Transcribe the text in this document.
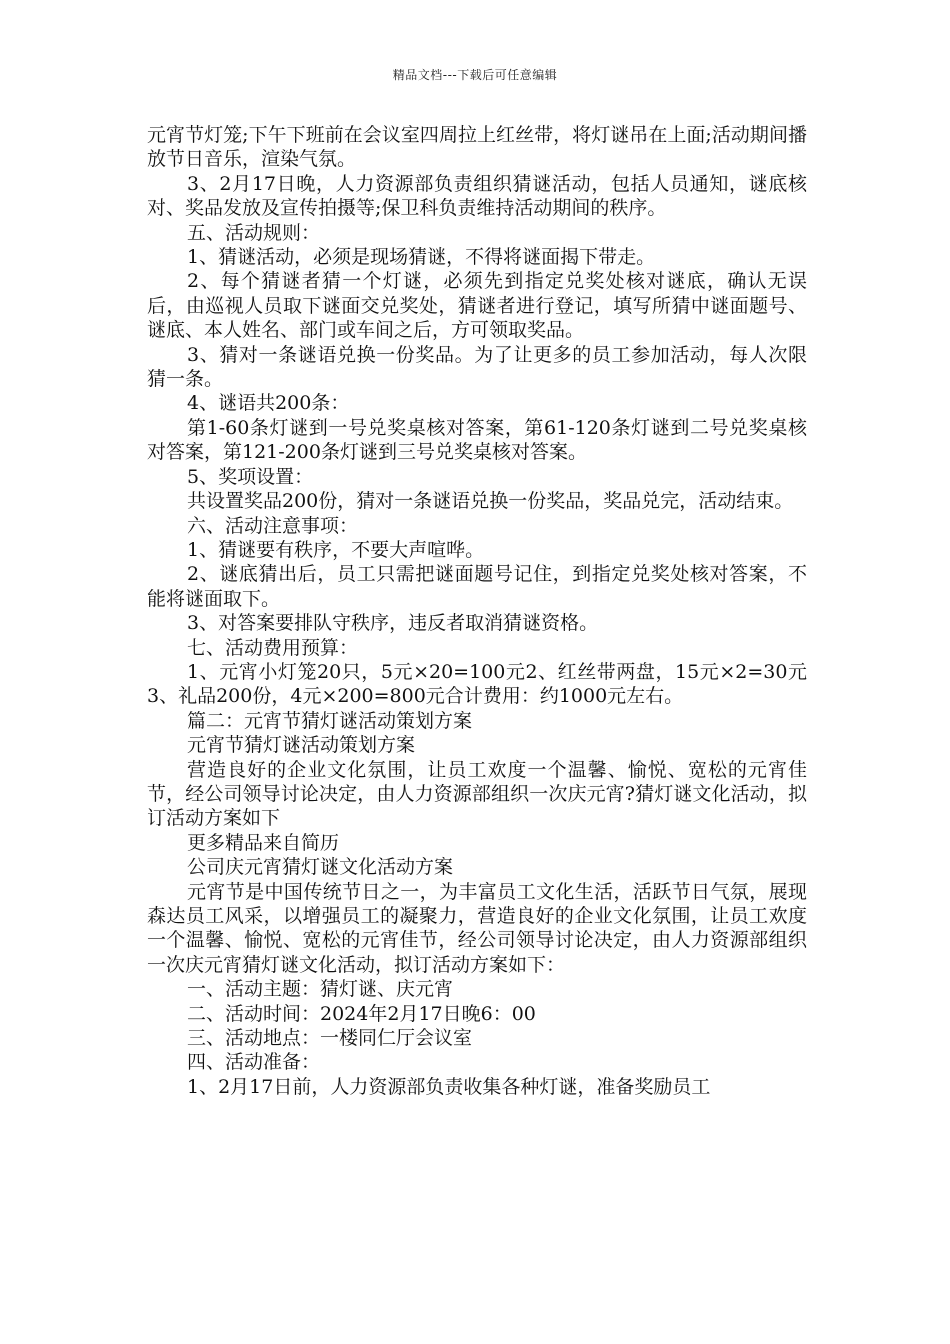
精品文档---下载后可任意编辑

元宵节灯笼;下午下班前在会议室四周拉上红丝带，将灯谜吊在上面;活动期间播放节日音乐，渲染气氛。

3、2月17日晚，人力资源部负责组织猜谜活动，包括人员通知，谜底核对、奖品发放及宣传拍摄等;保卫科负责维持活动期间的秩序。

五、活动规则：

1、猜谜活动，必须是现场猜谜，不得将谜面揭下带走。

2、每个猜谜者猜一个灯谜，必须先到指定兑奖处核对谜底，确认无误后，由巡视人员取下谜面交兑奖处，猜谜者进行登记，填写所猜中谜面题号、谜底、本人姓名、部门或车间之后，方可领取奖品。

3、猜对一条谜语兑换一份奖品。为了让更多的员工参加活动，每人次限猜一条。

4、谜语共200条：

第1-60条灯谜到一号兑奖桌核对答案，第61-120条灯谜到二号兑奖桌核对答案，第121-200条灯谜到三号兑奖桌核对答案。

5、奖项设置：

共设置奖品200份，猜对一条谜语兑换一份奖品，奖品兑完，活动结束。

六、活动注意事项：

1、猜谜要有秩序，不要大声喧哗。

2、谜底猜出后，员工只需把谜面题号记住，到指定兑奖处核对答案，不能将谜面取下。

3、对答案要排队守秩序，违反者取消猜谜资格。

七、活动费用预算：

1、元宵小灯笼20只，5元×20=100元2、红丝带两盘，15元×2=30元3、礼品200份，4元×200=800元合计费用：约1000元左右。

篇二：元宵节猜灯谜活动策划方案

元宵节猜灯谜活动策划方案

营造良好的企业文化氛围，让员工欢度一个温馨、愉悦、宽松的元宵佳节，经公司领导讨论决定，由人力资源部组织一次庆元宵?猜灯谜文化活动，拟订活动方案如下

更多精品来自简历

公司庆元宵猜灯谜文化活动方案

元宵节是中国传统节日之一，为丰富员工文化生活，活跃节日气氛，展现森达员工风采，以增强员工的凝聚力，营造良好的企业文化氛围，让员工欢度一个温馨、愉悦、宽松的元宵佳节，经公司领导讨论决定，由人力资源部组织一次庆元宵猜灯谜文化活动，拟订活动方案如下：

一、活动主题：猜灯谜、庆元宵

二、活动时间：2024年2月17日晚6：00

三、活动地点：一楼同仁厅会议室

四、活动准备：

1、2月17日前，人力资源部负责收集各种灯谜，准备奖励员工
